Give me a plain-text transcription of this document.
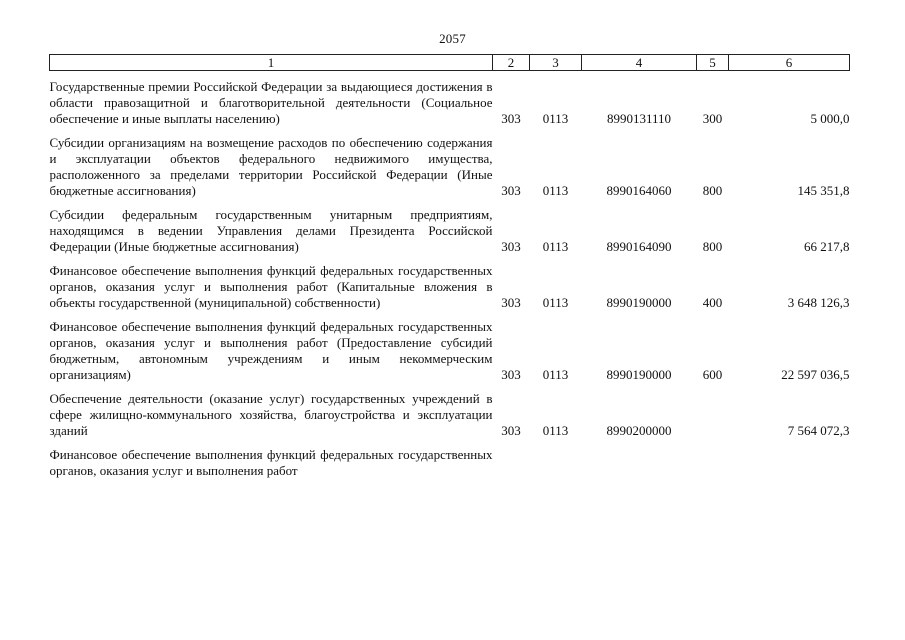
2057
1	2	3	4	5	6

Государственные премии Российской Федерации за выдающиеся достижения в области правозащитной и благотворительной деятельности (Социальное обеспечение и иные выплаты населению)	303	0113	8990131110	300	5 000,0

Субсидии организациям на возмещение расходов по обеспечению содержания и эксплуатации объектов федерального недвижимого имущества, расположенного за пределами территории Российской Федерации (Иные бюджетные ассигнования)	303	0113	8990164060	800	145 351,8

Субсидии федеральным государственным унитарным предприятиям, находящимся в ведении Управления делами Президента Российской Федерации (Иные бюджетные ассигнования)	303	0113	8990164090	800	66 217,8

Финансовое обеспечение выполнения функций федеральных государственных органов, оказания услуг и выполнения работ (Капитальные вложения в объекты государственной (муниципальной) собственности)	303	0113	8990190000	400	3 648 126,3

Финансовое обеспечение выполнения функций федеральных государственных органов, оказания услуг и выполнения работ (Предоставление субсидий бюджетным, автономным учреждениям и иным некоммерческим организациям)	303	0113	8990190000	600	22 597 036,5

Обеспечение деятельности (оказание услуг) государственных учреждений в сфере жилищно-коммунального хозяйства, благоустройства и эксплуатации зданий	303	0113	8990200000		7 564 072,3

Финансовое обеспечение выполнения функций федеральных государственных органов, оказания услуг и выполнения работ					
